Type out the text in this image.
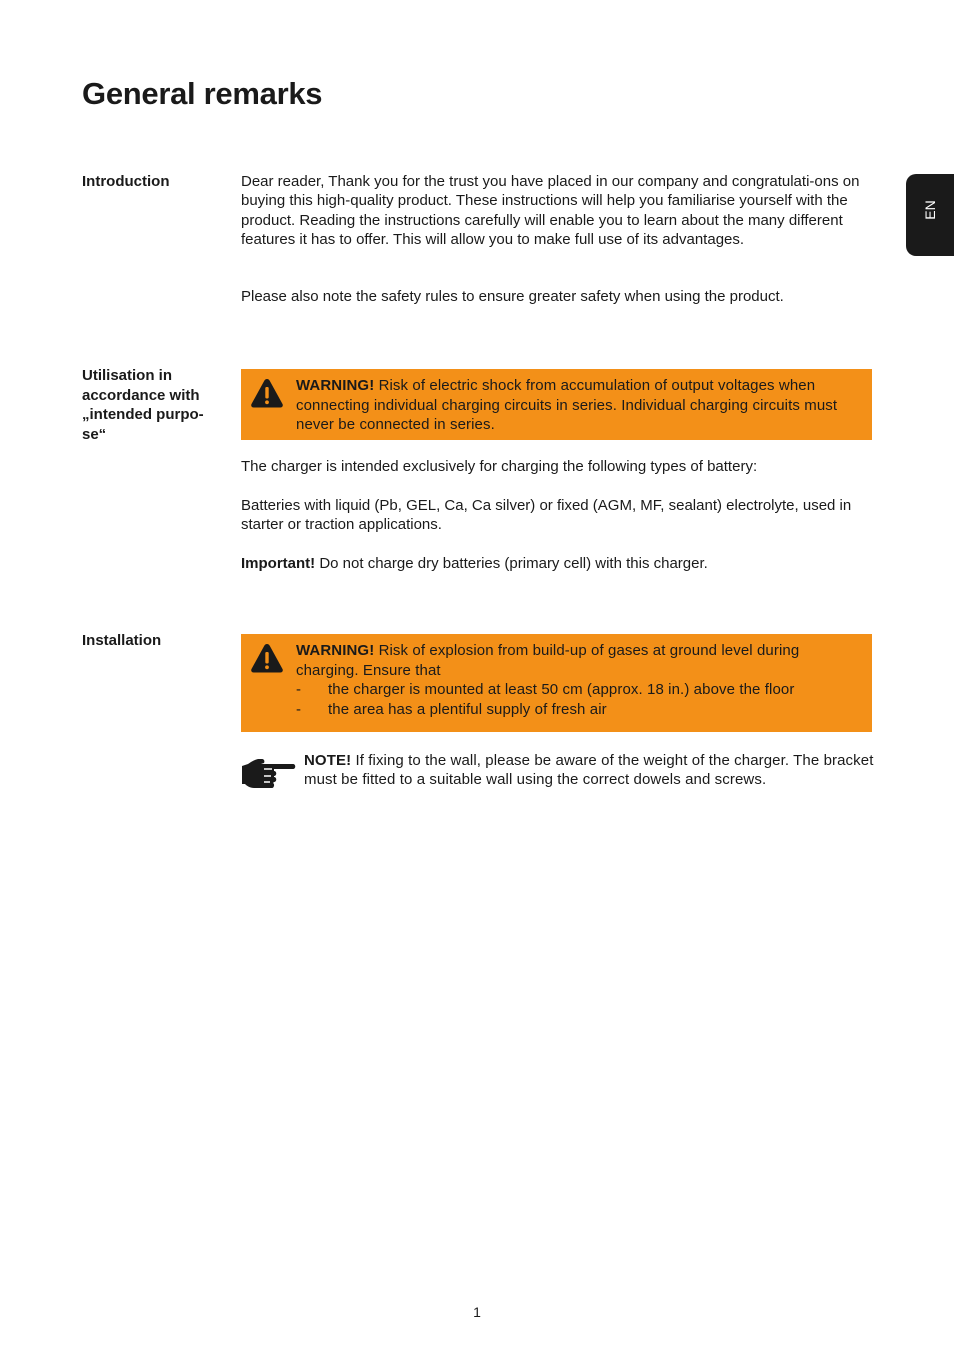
General remarks
EN
Introduction	Dear reader, Thank you for the trust you have placed in our company and congratulati-ons on buying this high-quality product. These instructions will help you familiarise yourself with the product. Reading the instructions carefully will enable you to learn about the many different features it has to offer. This will allow you to make full use of its advantages.

Please also note the safety rules to ensure greater safety when using the product.

Utilisation in accordance with „intended purpo-se“

WARNING! Risk of electric shock from accumulation of output voltages when connecting individual charging circuits in series. Individual charging circuits must never be connected in series.

The charger is intended exclusively for charging the following types of battery:

Batteries with liquid (Pb, GEL, Ca, Ca silver) or fixed (AGM, MF, sealant) electrolyte, used in starter or traction applications.

Important! Do not charge dry batteries (primary cell) with this charger.

Installation

WARNING! Risk of explosion from build-up of gases at ground level during charging. Ensure that

-	the charger is mounted at least 50 cm (approx. 18 in.) above the floor
-	the area has a plentiful supply of fresh air

NOTE! If fixing to the wall, please be aware of the weight of the charger. The bracket must be fitted to a suitable wall using the correct dowels and screws.

1
